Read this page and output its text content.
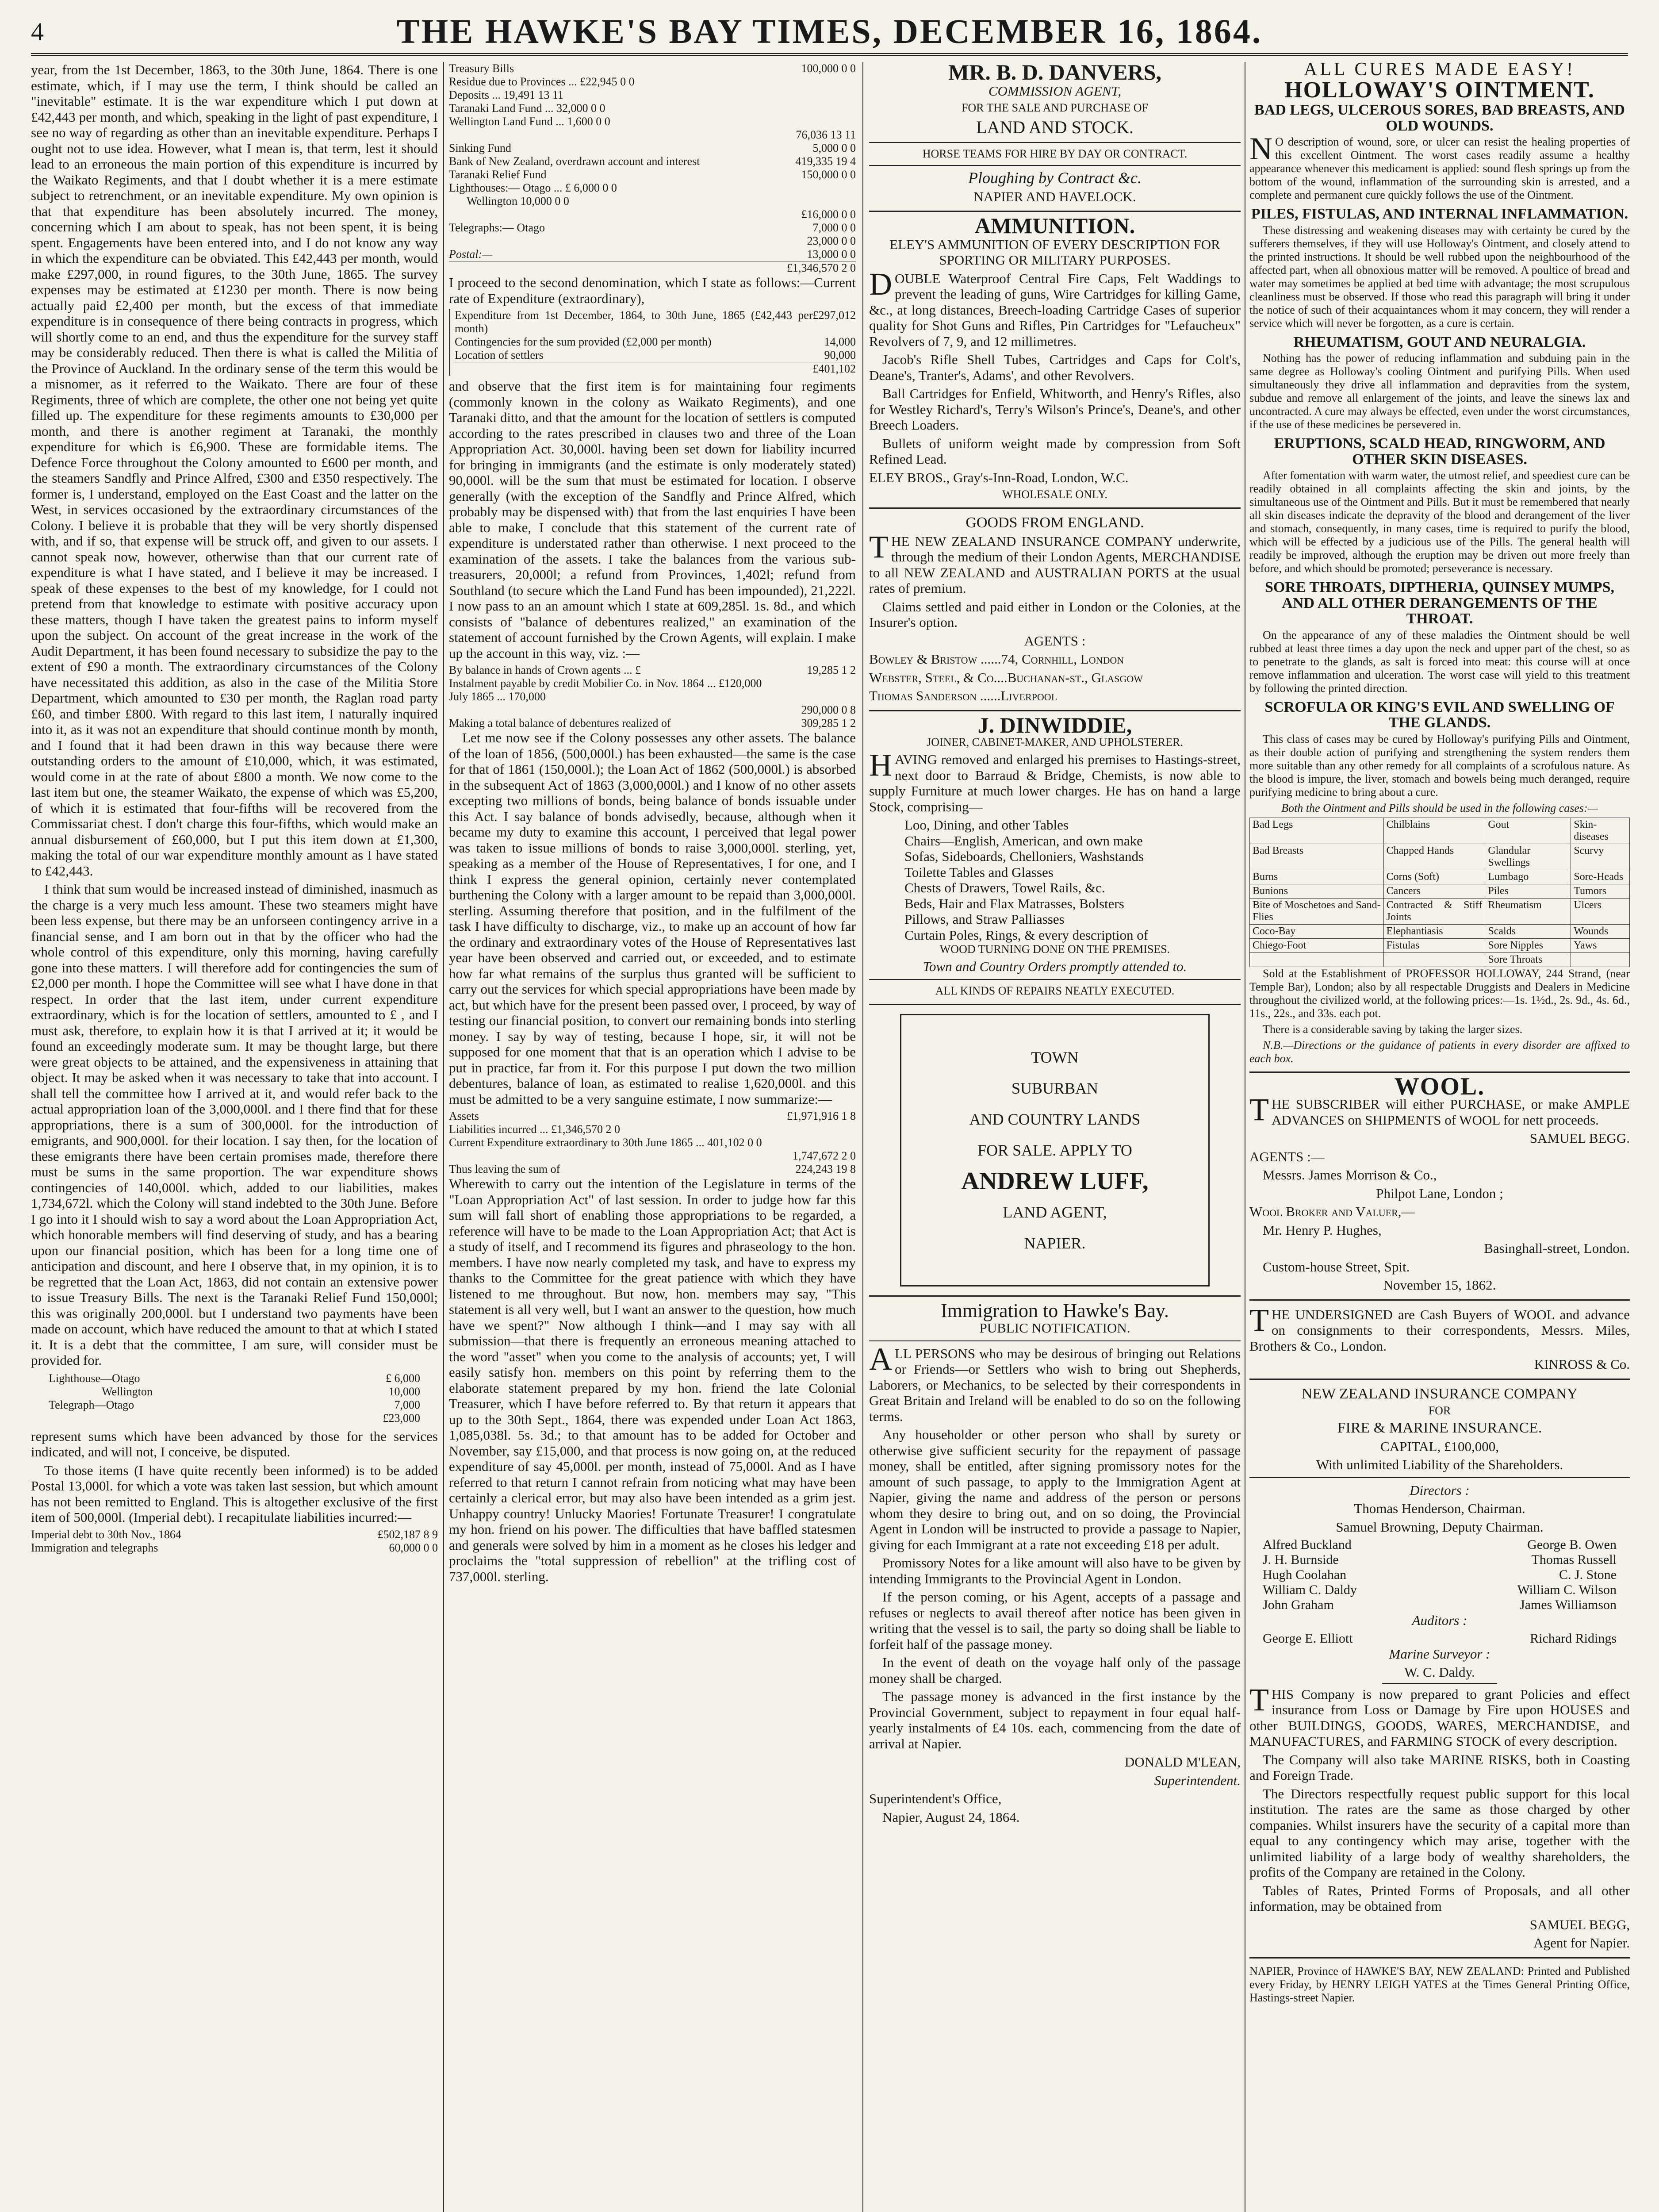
4	THE HAWKE'S BAY TIMES, DECEMBER 16, 1864.

year, from the 1st December, 1863, to the 30th June, 1864. There is one estimate, which, if I may use the term, I think should be called an "inevitable" estimate. It is the war expenditure which I put down at £42,443 per month, and which, speaking in the light of past expenditure, I see no way of regarding as other than an inevitable expenditure. Perhaps I ought not to use idea. However, what I mean is, that term, lest it should lead to an erroneous the main portion of this expenditure is incurred by the Waikato Regiments, and that I doubt whether it is a mere estimate subject to retrenchment, or an inevitable expenditure. My own opinion is that that expenditure has been absolutely incurred. The money, concerning which I am about to speak, has not been spent, it is being spent. Engagements have been entered into, and I do not know any way in which the expenditure can be obviated. This £42,443 per month, would make £297,000, in round figures, to the 30th June, 1865. The survey expenses may be estimated at £1230 per month. There is now being actually paid £2,400 per month, but the excess of that immediate expenditure is in consequence of there being contracts in progress, which will shortly come to an end, and thus the expenditure for the survey staff may be considerably reduced. Then there is what is called the Militia of the Province of Auckland. In the ordinary sense of the term this would be a misnomer, as it referred to the Waikato. There are four of these Regiments, three of which are complete, the other one not being yet quite filled up. The expenditure for these regiments amounts to £30,000 per month, and there is another regiment at Taranaki, the monthly expenditure for which is £6,900. These are formidable items. The Defence Force throughout the Colony amounted to £600 per month, and the steamers Sandfly and Prince Alfred, £300 and £350 respectively. The former is, I understand, employed on the East Coast and the latter on the West, in services occasioned by the extraordinary circumstances of the Colony. I believe it is probable that they will be very shortly dispensed with, and if so, that expense will be struck off, and given to our assets. I cannot speak now, however, otherwise than that our current rate of expenditure is what I have stated, and I believe it may be increased. I speak of these expenses to the best of my knowledge, for I could not pretend from that knowledge to estimate with positive accuracy upon these matters, though I have taken the greatest pains to inform myself upon the subject. On account of the great increase in the work of the Audit Department, it has been found necessary to subsidize the pay to the extent of £90 a month. The extraordinary circumstances of the Colony have necessitated this addition, as also in the case of the Militia Store Department, which amounted to £30 per month, the Raglan road party £60, and timber £800. With regard to this last item, I naturally inquired into it, as it was not an expenditure that should continue month by month, and I found that it had been drawn in this way because there were outstanding orders to the amount of £10,000, which, it was estimated, would come in at the rate of about £800 a month. We now come to the last item but one, the steamer Waikato, the expense of which was £5,200, of which it is estimated that four-fifths will be recovered from the Commissariat chest. I don't charge this four-fifths, which would make an annual disbursement of £60,000, but I put this item down at £1,300, making the total of our war expenditure monthly amount as I have stated to £42,443.

I think that sum would be increased instead of diminished, inasmuch as the charge is a very much less amount. These two steamers might have been less expense, but there may be an unforseen contingency arrive in a financial sense, and I am born out in that by the officer who had the whole control of this expenditure, only this morning, having carefully gone into these matters. I will therefore add for contingencies the sum of £2,000 per month. I hope the Committee will see what I have done in that respect. In order that the last item, under current expenditure extraordinary, which is for the location of settlers, amounted to £ , and I must ask, therefore, to explain how it is that I arrived at it; it would be found an exceedingly moderate sum. It may be thought large, but there were great objects to be attained, and the expensiveness in attaining that object. It may be asked when it was necessary to take that into account. I shall tell the committee how I arrived at it, and would refer back to the actual appropriation loan of the 3,000,000l. and I there find that for these appropriations, there is a sum of 300,000l. for the introduction of emigrants, and 900,000l. for their location. I say then, for the location of these emigrants there have been certain promises made, therefore there must be sums in the same proportion. The war expenditure shows contingencies of 140,000l. which, added to our liabilities, makes 1,734,672l. which the Colony will stand indebted to the 30th June. Before I go into it I should wish to say a word about the Loan Appropriation Act, which honorable members will find deserving of study, and has a bearing upon our financial position, which has been for a long time one of anticipation and discount, and here I observe that, in my opinion, it is to be regretted that the Loan Act, 1863, did not contain an extensive power to issue Treasury Bills. The next is the Taranaki Relief Fund 150,000l; this was originally 200,000l. but I understand two payments have been made on account, which have reduced the amount to that at which I stated it. It is a debt that the committee, I am sure, will consider must be provided for.

Lighthouse—Otago	£ 6,000
Wellington	10,000
Telegraph—Otago	7,000
£23,000

represent sums which have been advanced by those for the services indicated, and will not, I conceive, be disputed.

To those items (I have quite recently been informed) is to be added Postal 13,000l. for which a vote was taken last session, but which amount has not been remitted to England. This is altogether exclusive of the first item of 500,000l. (Imperial debt). I recapitulate liabilities incurred:—

Imperial debt to 30th Nov., 1864	£502,187 8 9
Immigration and telegraphs	60,000 0 0
Treasury Bills	100,000 0 0
Residue due to Provinces ... £22,945 0 0
Deposits ... 19,491 13 11
Taranaki Land Fund ... 32,000 0 0
Wellington Land Fund ... 1,600 0 0
76,036 13 11
Sinking Fund	5,000 0 0
Bank of New Zealand, overdrawn account and interest	419,335 19 4
Taranaki Relief Fund	150,000 0 0
Lighthouses:— Otago ... £ 6,000 0 0
Wellington 10,000 0 0
£16,000 0 0
Telegraphs:— Otago	7,000 0 0
23,000 0 0
Postal:—	13,000 0 0
£1,346,570 2 0

I proceed to the second denomination, which I state as follows:—Current rate of Expenditure (extraordinary),

Expenditure from 1st December, 1864, to 30th June, 1865 (£42,443 per month)
£297,012
Contingencies for the sum provided (£2,000 per month)	14,000
Location of settlers	90,000
£401,102

and observe that the first item is for maintaining four regiments (commonly known in the colony as Waikato Regiments), and one Taranaki ditto, and that the amount for the location of settlers is computed according to the rates prescribed in clauses two and three of the Loan Appropriation Act. 30,000l. having been set down for liability incurred for bringing in immigrants (and the estimate is only moderately stated) 90,000l. will be the sum that must be estimated for location. I observe generally (with the exception of the Sandfly and Prince Alfred, which probably may be dispensed with) that from the last enquiries I have been able to make, I conclude that this statement of the current rate of expenditure is understated rather than otherwise. I next proceed to the examination of the assets. I take the balances from the various sub-treasurers, 20,000l; a refund from Provinces, 1,402l; refund from Southland (to secure which the Land Fund has been impounded), 21,222l. I now pass to an an amount which I state at 609,285l. 1s. 8d., and which consists of "balance of debentures realized," an examination of the statement of account furnished by the Crown Agents, will explain. I make up the account in this way, viz. :—

By balance in hands of Crown agents ... £	19,285 1 2
Instalment payable by credit Mobilier Co. in Nov. 1864 ... £120,000
July 1865 ... 170,000
290,000 0 8
Making a total balance of debentures realized of	309,285 1 2

Let me now see if the Colony possesses any other assets. The balance of the loan of 1856, (500,000l.) has been exhausted—the same is the case for that of 1861 (150,000l.); the Loan Act of 1862 (500,000l.) is absorbed in the subsequent Act of 1863 (3,000,000l.) and I know of no other assets excepting two millions of bonds, being balance of bonds issuable under this Act. I say balance of bonds advisedly, because, although when it became my duty to examine this account, I perceived that legal power was taken to issue millions of bonds to raise 3,000,000l. sterling, yet, speaking as a member of the House of Representatives, I for one, and I think I express the general opinion, certainly never contemplated burthening the Colony with a larger amount to be repaid than 3,000,000l. sterling. Assuming therefore that position, and in the fulfilment of the task I have difficulty to discharge, viz., to make up an account of how far the ordinary and extraordinary votes of the House of Representatives last year have been observed and carried out, or exceeded, and to estimate how far what remains of the surplus thus granted will be sufficient to carry out the services for which special appropriations have been made by act, but which have for the present been passed over, I proceed, by way of testing our financial position, to convert our remaining bonds into sterling money. I say by way of testing, because I hope, sir, it will not be supposed for one moment that that is an operation which I advise to be put in practice, far from it. For this purpose I put down the two million debentures, balance of loan, as estimated to realise 1,620,000l. and this must be admitted to be a very sanguine estimate, I now summarize:—

Assets	£1,971,916 1 8
Liabilities incurred ... £1,346,570 2 0
Current Expenditure extraordinary to 30th June 1865 ... 401,102 0 0
1,747,672 2 0
Thus leaving the sum of	224,243 19 8

Wherewith to carry out the intention of the Legislature in terms of the "Loan Appropriation Act" of last session. In order to judge how far this sum will fall short of enabling those appropriations to be regarded, a reference will have to be made to the Loan Appropriation Act; that Act is a study of itself, and I recommend its figures and phraseology to the hon. members. I have now nearly completed my task, and have to express my thanks to the Committee for the great patience with which they have listened to me throughout. But now, hon. members may say, "This statement is all very well, but I want an answer to the question, how much have we spent?" Now although I think—and I may say with all submission—that there is frequently an erroneous meaning attached to the word "asset" when you come to the analysis of accounts; yet, I will easily satisfy hon. members on this point by referring them to the elaborate statement prepared by my hon. friend the late Colonial Treasurer, which I have before referred to. By that return it appears that up to the 30th Sept., 1864, there was expended under Loan Act 1863, 1,085,038l. 5s. 3d.; to that amount has to be added for October and November, say £15,000, and that process is now going on, at the reduced expenditure of say 45,000l. per month, instead of 75,000l. And as I have referred to that return I cannot refrain from noticing what may have been certainly a clerical error, but may also have been intended as a grim jest. Unhappy country! Unlucky Maories! Fortunate Treasurer! I congratulate my hon. friend on his power. The difficulties that have baffled statesmen and generals were solved by him in a moment as he closes his ledger and proclaims the "total suppression of rebellion" at the trifling cost of 737,000l. sterling.

MR. B. D. DANVERS,

COMMISSION AGENT,

FOR THE SALE AND PURCHASE OF

LAND AND STOCK.

HORSE TEAMS FOR HIRE BY DAY OR CONTRACT.

Ploughing by Contract &c.

NAPIER AND HAVELOCK.

AMMUNITION.

ELEY'S AMMUNITION OF EVERY DESCRIPTION FOR SPORTING OR MILITARY PURPOSES.

DOUBLE Waterproof Central Fire Caps, Felt Waddings to prevent the leading of guns, Wire Cartridges for killing Game, &c., at long distances, Breech-loading Cartridge Cases of superior quality for Shot Guns and Rifles, Pin Cartridges for "Lefaucheux" Revolvers of 7, 9, and 12 millimetres.

Jacob's Rifle Shell Tubes, Cartridges and Caps for Colt's, Deane's, Tranter's, Adams', and other Revolvers.

Ball Cartridges for Enfield, Whitworth, and Henry's Rifles, also for Westley Richard's, Terry's Wilson's Prince's, Deane's, and other Breech Loaders.

Bullets of uniform weight made by compression from Soft Refined Lead.

ELEY BROS., Gray's-Inn-Road, London, W.C.

WHOLESALE ONLY.

GOODS FROM ENGLAND.

THE NEW ZEALAND INSURANCE COMPANY underwrite, through the medium of their London Agents, MERCHANDISE to all NEW ZEALAND and AUSTRALIAN PORTS at the usual rates of premium.

Claims settled and paid either in London or the Colonies, at the Insurer's option.

AGENTS :

Bowley & Bristow ......74, Cornhill, London

Webster, Steel, & Co....Buchanan-st., Glasgow

Thomas Sanderson ......Liverpool

J. DINWIDDIE,

JOINER, CABINET-MAKER, AND UPHOLSTERER.

HAVING removed and enlarged his premises to Hastings-street, next door to Barraud & Bridge, Chemists, is now able to supply Furniture at much lower charges. He has on hand a large Stock, comprising—

Loo, Dining, and other Tables
Chairs—English, American, and own make
Sofas, Sideboards, Chelloniers, Washstands
Toilette Tables and Glasses
Chests of Drawers, Towel Rails, &c.
Beds, Hair and Flax Matrasses, Bolsters
Pillows, and Straw Palliasses
Curtain Poles, Rings, & every description of

WOOD TURNING DONE ON THE PREMISES.

Town and Country Orders promptly attended to.

ALL KINDS OF REPAIRS NEATLY EXECUTED.

TOWN
SUBURBAN
AND COUNTRY LANDS
FOR SALE. APPLY TO
ANDREW LUFF,
LAND AGENT,
NAPIER.
Immigration to Hawke's Bay.

PUBLIC NOTIFICATION.

ALL PERSONS who may be desirous of bringing out Relations or Friends—or Settlers who wish to bring out Shepherds, Laborers, or Mechanics, to be selected by their correspondents in Great Britain and Ireland will be enabled to do so on the following terms.

Any householder or other person who shall by surety or otherwise give sufficient security for the repayment of passage money, shall be entitled, after signing promissory notes for the amount of such passage, to apply to the Immigration Agent at Napier, giving the name and address of the person or persons whom they desire to bring out, and on so doing, the Provincial Agent in London will be instructed to provide a passage to Napier, giving for each Immigrant at a rate not exceeding £18 per adult.

Promissory Notes for a like amount will also have to be given by intending Immigrants to the Provincial Agent in London.

If the person coming, or his Agent, accepts of a passage and refuses or neglects to avail thereof after notice has been given in writing that the vessel is to sail, the party so doing shall be liable to forfeit half of the passage money.

In the event of death on the voyage half only of the passage money shall be charged.

The passage money is advanced in the first instance by the Provincial Government, subject to repayment in four equal half-yearly instalments of £4 10s. each, commencing from the date of arrival at Napier.

DONALD M'LEAN,

Superintendent.

Superintendent's Office,

Napier, August 24, 1864.

ALL CURES MADE EASY!

HOLLOWAY'S OINTMENT.
BAD LEGS, ULCEROUS SORES, BAD BREASTS, AND OLD WOUNDS.

NO description of wound, sore, or ulcer can resist the healing properties of this excellent Ointment. The worst cases readily assume a healthy appearance whenever this medicament is applied: sound flesh springs up from the bottom of the wound, inflammation of the surrounding skin is arrested, and a complete and permanent cure quickly follows the use of the Ointment.

PILES, FISTULAS, AND INTERNAL INFLAMMATION.

These distressing and weakening diseases may with certainty be cured by the sufferers themselves, if they will use Holloway's Ointment, and closely attend to the printed instructions. It should be well rubbed upon the neighbourhood of the affected part, when all obnoxious matter will be removed. A poultice of bread and water may sometimes be applied at bed time with advantage; the most scrupulous cleanliness must be observed. If those who read this paragraph will bring it under the notice of such of their acquaintances whom it may concern, they will render a service which will never be forgotten, as a cure is certain.

RHEUMATISM, GOUT AND NEURALGIA.

Nothing has the power of reducing inflammation and subduing pain in the same degree as Holloway's cooling Ointment and purifying Pills. When used simultaneously they drive all inflammation and depravities from the system, subdue and remove all enlargement of the joints, and leave the sinews lax and uncontracted. A cure may always be effected, even under the worst circumstances, if the use of these medicines be persevered in.

ERUPTIONS, SCALD HEAD, RINGWORM, AND OTHER SKIN DISEASES.

After fomentation with warm water, the utmost relief, and speediest cure can be readily obtained in all complaints affecting the skin and joints, by the simultaneous use of the Ointment and Pills. But it must be remembered that nearly all skin diseases indicate the depravity of the blood and derangement of the liver and stomach, consequently, in many cases, time is required to purify the blood, which will be effected by a judicious use of the Pills. The general health will readily be improved, although the eruption may be driven out more freely than before, and which should be promoted; perseverance is necessary.

SORE THROATS, DIPTHERIA, QUINSEY MUMPS, AND ALL OTHER DERANGEMENTS OF THE THROAT.

On the appearance of any of these maladies the Ointment should be well rubbed at least three times a day upon the neck and upper part of the chest, so as to penetrate to the glands, as salt is forced into meat: this course will at once remove inflammation and ulceration. The worst case will yield to this treatment by following the printed direction.

SCROFULA OR KING'S EVIL AND SWELLING OF THE GLANDS.

This class of cases may be cured by Holloway's purifying Pills and Ointment, as their double action of purifying and strengthening the system renders them more suitable than any other remedy for all complaints of a scrofulous nature. As the blood is impure, the liver, stomach and bowels being much deranged, require purifying medicine to bring about a cure.

Both the Ointment and Pills should be used in the following cases:—

Bad Legs	Chilblains	Gout	Skin-diseases
Bad Breasts	Chapped Hands	Glandular Swellings	Scurvy
Burns	Corns (Soft)	Lumbago	Sore-Heads
Bunions	Cancers	Piles	Tumors
Bite of Moschetoes and Sand-Flies	Contracted & Stiff Joints	Rheumatism	Ulcers
Coco-Bay	Elephantiasis	Scalds	Wounds
Chiego-Foot	Fistulas	Sore Nipples	Yaws
		Sore Throats	

Sold at the Establishment of PROFESSOR HOLLOWAY, 244 Strand, (near Temple Bar), London; also by all respectable Druggists and Dealers in Medicine throughout the civilized world, at the following prices:—1s. 1½d., 2s. 9d., 4s. 6d., 11s., 22s., and 33s. each pot.

There is a considerable saving by taking the larger sizes.

N.B.—Directions or the guidance of patients in every disorder are affixed to each box.

WOOL.

THE SUBSCRIBER will either PURCHASE, or make AMPLE ADVANCES on SHIPMENTS of WOOL for nett proceeds.

SAMUEL BEGG.

AGENTS :—

Messrs. James Morrison & Co.,

Philpot Lane, London ;

Wool Broker and Valuer,—

Mr. Henry P. Hughes,

Basinghall-street, London.

Custom-house Street, Spit.

November 15, 1862.

THE UNDERSIGNED are Cash Buyers of WOOL and advance on consignments to their correspondents, Messrs. Miles, Brothers & Co., London.

KINROSS & Co.

NEW ZEALAND INSURANCE COMPANY

FOR

FIRE & MARINE INSURANCE.

CAPITAL, £100,000,

With unlimited Liability of the Shareholders.

Directors :

Thomas Henderson, Chairman.

Samuel Browning, Deputy Chairman.

Alfred Buckland	George B. Owen
J. H. Burnside	Thomas Russell
Hugh Coolahan	C. J. Stone
William C. Daldy	William C. Wilson
John Graham	James Williamson

Auditors :

George E. Elliott	Richard Ridings

Marine Surveyor :

W. C. Daldy.

THIS Company is now prepared to grant Policies and effect insurance from Loss or Damage by Fire upon HOUSES and other BUILDINGS, GOODS, WARES, MERCHANDISE, and MANUFACTURES, and FARMING STOCK of every description.

The Company will also take MARINE RISKS, both in Coasting and Foreign Trade.

The Directors respectfully request public support for this local institution. The rates are the same as those charged by other companies. Whilst insurers have the security of a capital more than equal to any contingency which may arise, together with the unlimited liability of a large body of wealthy shareholders, the profits of the Company are retained in the Colony.

Tables of Rates, Printed Forms of Proposals, and all other information, may be obtained from

SAMUEL BEGG,

Agent for Napier.

NAPIER, Province of HAWKE'S BAY, NEW ZEALAND: Printed and Published every Friday, by HENRY LEIGH YATES at the Times General Printing Office, Hastings-street Napier.
